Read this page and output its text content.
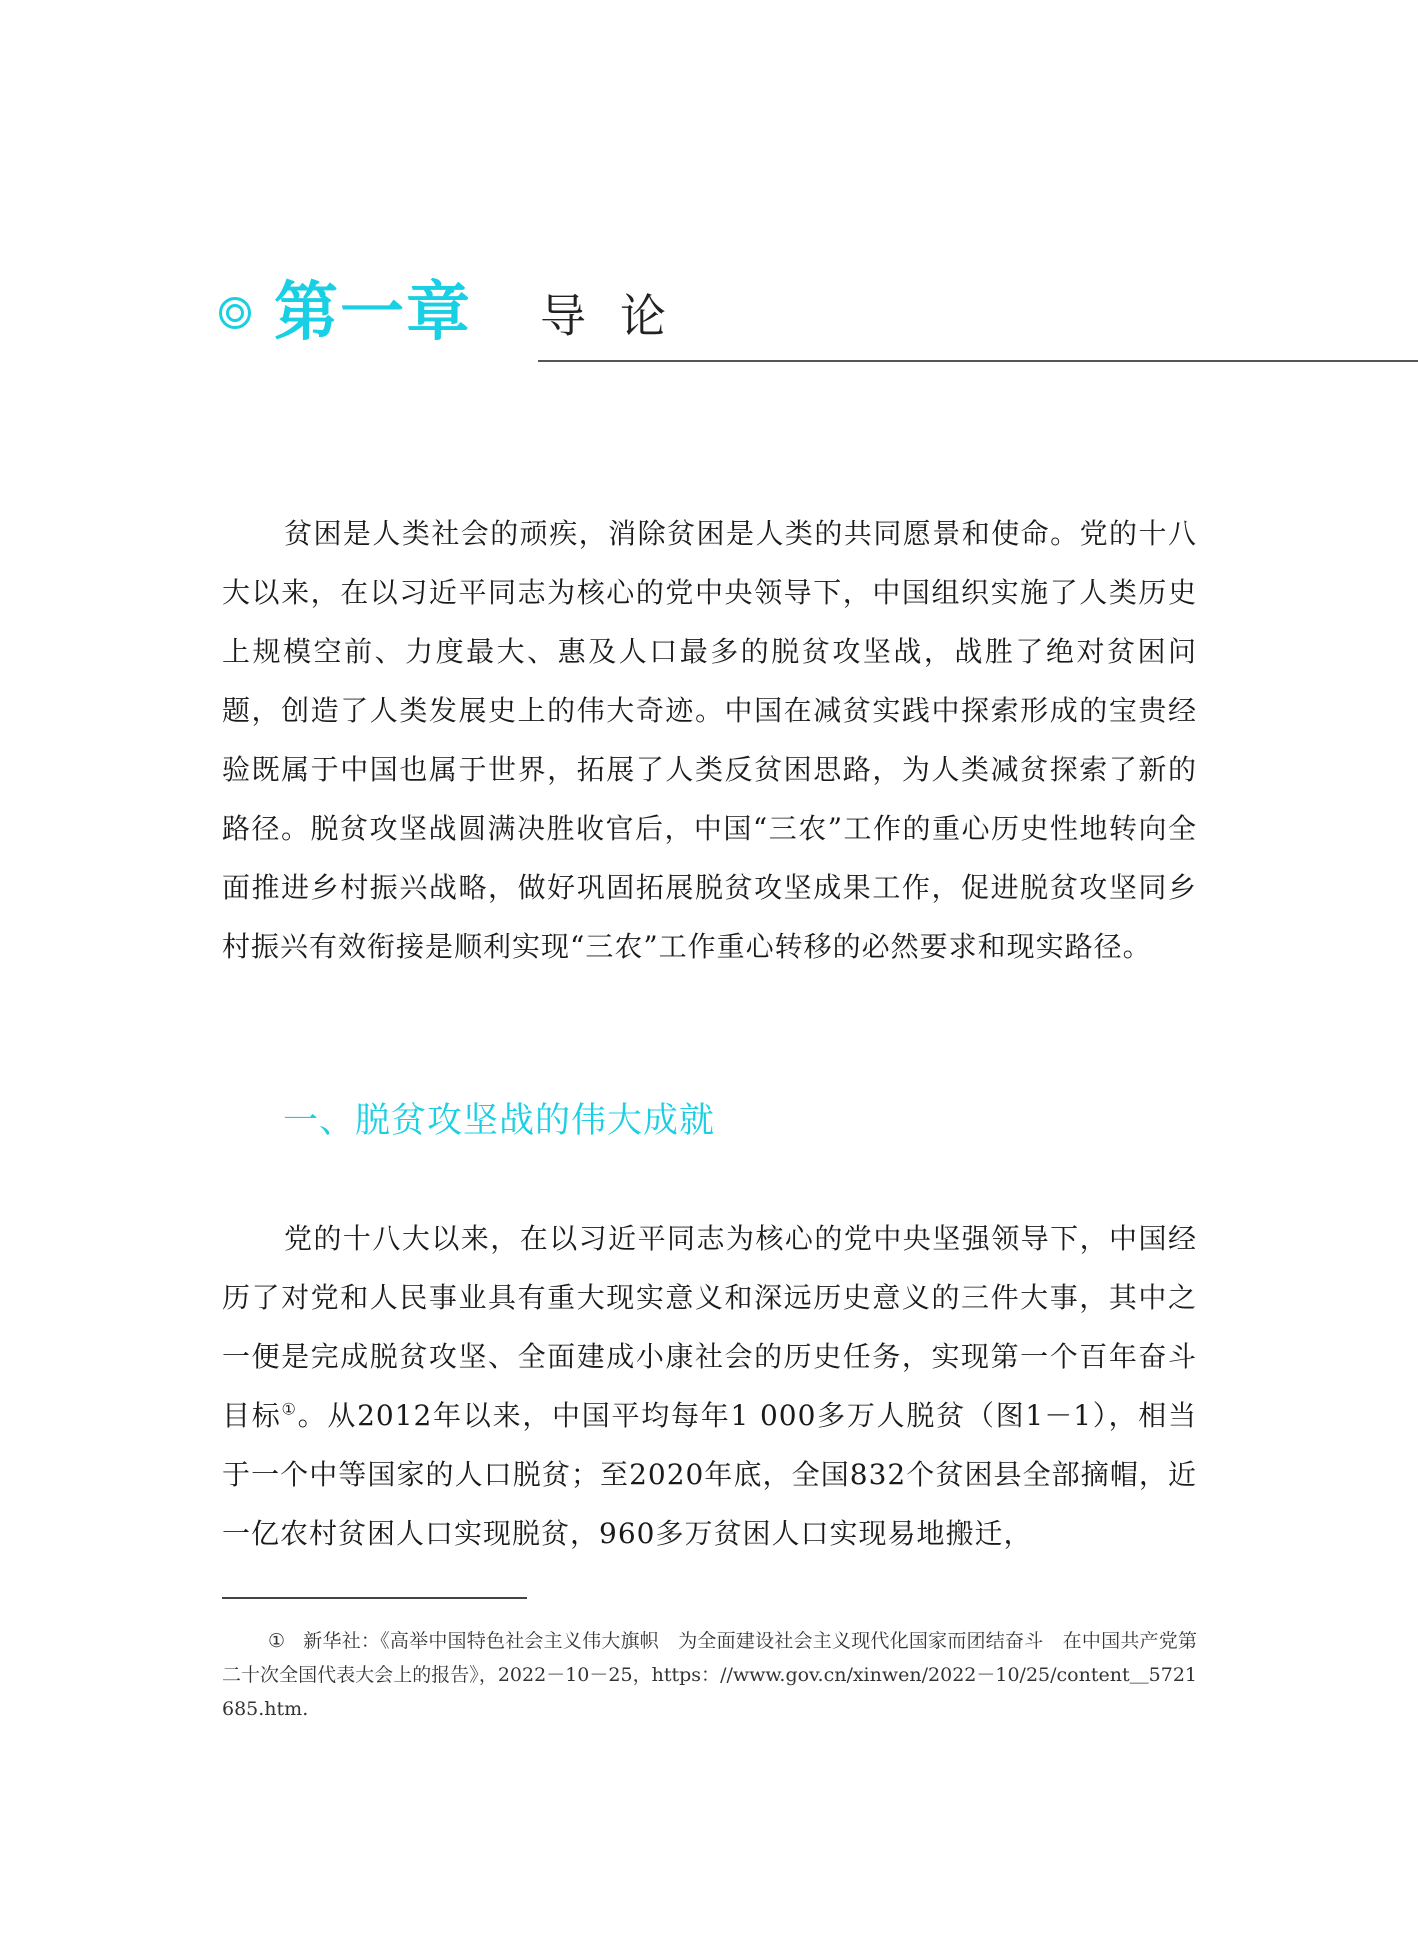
第一章 导论

贫困是人类社会的顽疾，消除贫困是人类的共同愿景和使命。党的十八大以来，在以习近平同志为核心的党中央领导下，中国组织实施了人类历史上规模空前、力度最大、惠及人口最多的脱贫攻坚战，战胜了绝对贫困问题，创造了人类发展史上的伟大奇迹。中国在减贫实践中探索形成的宝贵经验既属于中国也属于世界，拓展了人类反贫困思路，为人类减贫探索了新的路径。脱贫攻坚战圆满决胜收官后，中国“三农”工作的重心历史性地转向全面推进乡村振兴战略，做好巩固拓展脱贫攻坚成果工作，促进脱贫攻坚同乡村振兴有效衔接是顺利实现“三农”工作重心转移的必然要求和现实路径。

一、脱贫攻坚战的伟大成就

党的十八大以来，在以习近平同志为核心的党中央坚强领导下，中国经历了对党和人民事业具有重大现实意义和深远历史意义的三件大事，其中之一便是完成脱贫攻坚、全面建成小康社会的历史任务，实现第一个百年奋斗目标①。从2012年以来，中国平均每年1 000多万人脱贫（图1－1），相当于一个中等国家的人口脱贫；至2020年底，全国832个贫困县全部摘帽，近一亿农村贫困人口实现脱贫，960多万贫困人口实现易地搬迁，

① 新华社：《高举中国特色社会主义伟大旗帜　为全面建设社会主义现代化国家而团结奋斗　在中国共产党第二十次全国代表大会上的报告》，2022－10－25，https：//www.gov.cn/xinwen/2022－10/25/content＿5721685.htm.
